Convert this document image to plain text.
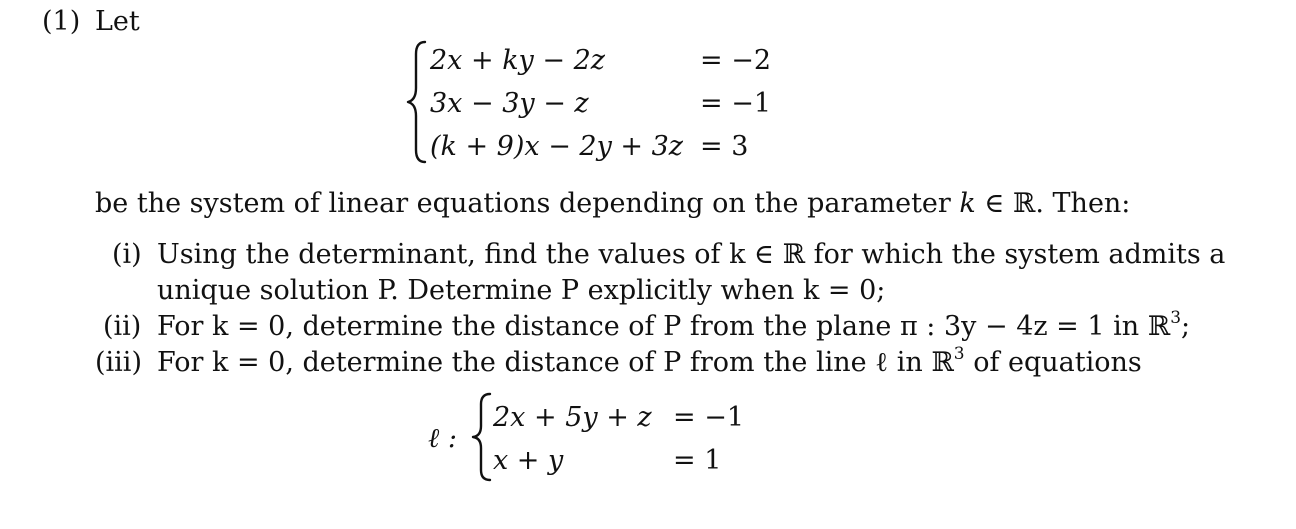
(1) Let
2x + ky − 2z	= −2
3x − 3y − z	= −1
(k + 9)x − 2y + 3z = 3
be the system of linear equations depending on the parameter k ∈ ℝ. Then:
(i) Using the determinant, find the values of k ∈ ℝ for which the system admits a
unique solution P. Determine P explicitly when k = 0;
(ii) For k = 0, determine the distance of P from the plane π : 3y − 4z = 1 in ℝ$^3$;
(iii) For k = 0, determine the distance of P from the line ℓ in ℝ$^3$ of equations
ℓ :
2x + 5y + z = −1
x + y	= 1
